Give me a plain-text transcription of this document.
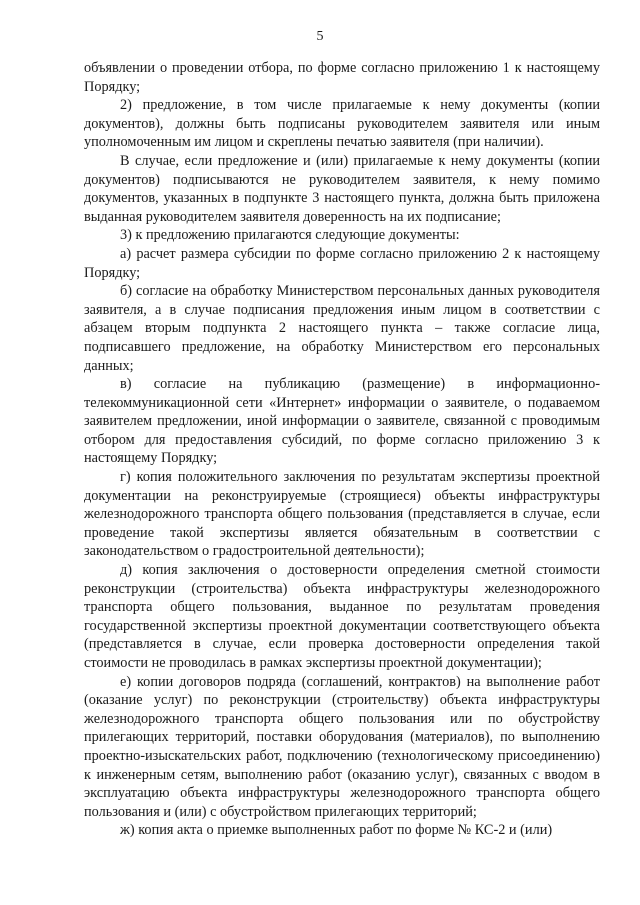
5

объявлении о проведении отбора, по форме согласно приложению 1 к настоящему Порядку;

2) предложение, в том числе прилагаемые к нему документы (копии документов), должны быть подписаны руководителем заявителя или иным уполномоченным им лицом и скреплены печатью заявителя (при наличии).

В случае, если предложение и (или) прилагаемые к нему документы (копии документов) подписываются не руководителем заявителя, к нему помимо документов, указанных в подпункте 3 настоящего пункта, должна быть приложена выданная руководителем заявителя доверенность на их подписание;

3) к предложению прилагаются следующие документы:

а) расчет размера субсидии по форме согласно приложению 2 к настоящему Порядку;

б) согласие на обработку Министерством персональных данных руководителя заявителя, а в случае подписания предложения иным лицом в соответствии с абзацем вторым подпункта 2 настоящего пункта – также согласие лица, подписавшего предложение, на обработку Министерством его персональных данных;

в) согласие на публикацию (размещение) в информационно-телекоммуникационной сети «Интернет» информации о заявителе, о подаваемом заявителем предложении, иной информации о заявителе, связанной с проводимым отбором для предоставления субсидий, по форме согласно приложению 3 к настоящему Порядку;

г) копия положительного заключения по результатам экспертизы проектной документации на реконструируемые (строящиеся) объекты инфраструктуры железнодорожного транспорта общего пользования (представляется в случае, если проведение такой экспертизы является обязательным в соответствии с законодательством о градостроительной деятельности);

д) копия заключения о достоверности определения сметной стоимости реконструкции (строительства) объекта инфраструктуры железнодорожного транспорта общего пользования, выданное по результатам проведения государственной экспертизы проектной документации соответствующего объекта (представляется в случае, если проверка достоверности определения такой стоимости не проводилась в рамках экспертизы проектной документации);

е) копии договоров подряда (соглашений, контрактов) на выполнение работ (оказание услуг) по реконструкции (строительству) объекта инфраструктуры железнодорожного транспорта общего пользования или по обустройству прилегающих территорий, поставки оборудования (материалов), по выполнению проектно-изыскательских работ, подключению (технологическому присоединению) к инженерным сетям, выполнению работ (оказанию услуг), связанных с вводом в эксплуатацию объекта инфраструктуры железнодорожного транспорта общего пользования и (или) с обустройством прилегающих территорий;

ж) копия акта о приемке выполненных работ по форме № КС-2 и (или)
